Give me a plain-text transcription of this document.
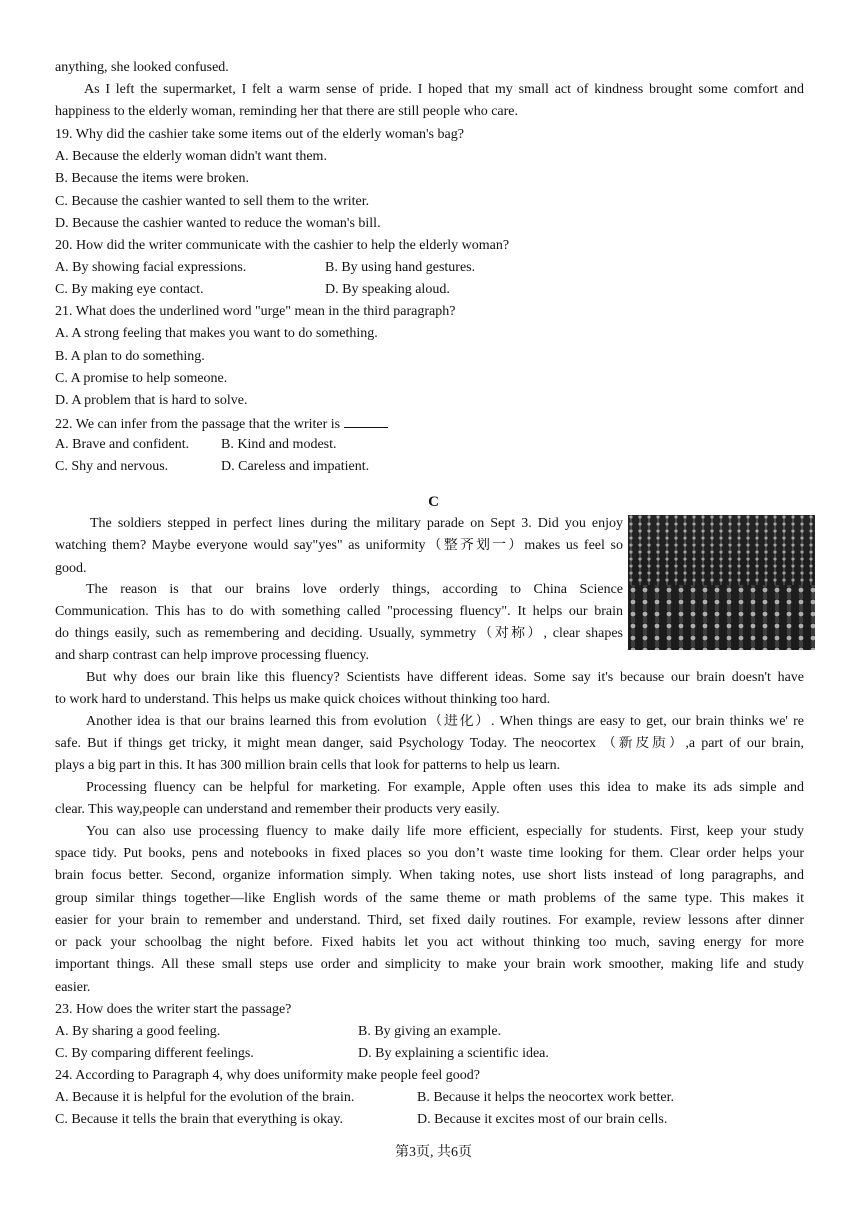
anything, she looked confused.
As I left the supermarket, I felt a warm sense of pride. I hoped that my small act of kindness brought some comfort and
happiness to the elderly woman, reminding her that there are still people who care.
19. Why did the cashier take some items out of the elderly woman's bag?
A. Because the elderly woman didn't want them.
B. Because the items were broken.
C. Because the cashier wanted to sell them to the writer.
D. Because the cashier wanted to reduce the woman's bill.
20. How did the writer communicate with the cashier to help the elderly woman?
A. By showing facial expressions.	B. By using hand gestures.
C. By making eye contact.	D. By speaking aloud.
21. What does the underlined word "urge" mean in the third paragraph?
A. A strong feeling that makes you want to do something.
B. A plan to do something.
C. A promise to help someone.
D. A problem that is hard to solve.
22. We can infer from the passage that the writer is
A. Brave and confident. B. Kind and modest.
C. Shy and nervous.	D. Careless and impatient.
C
The soldiers stepped in perfect lines during the military parade on Sept 3. Did you enjoy
watching them? Maybe everyone would say"yes" as uniformity（整齐划一）makes us feel so
good.
The reason is that our brains love orderly things, according to China Science
Communication. This has to do with something called "processing fluency". It helps our brain
do things easily, such as remembering and deciding. Usually, symmetry（对称）, clear shapes
and sharp contrast can help improve processing fluency.
But why does our brain like this fluency? Scientists have different ideas. Some say it's because our brain doesn't have
to work hard to understand. This helps us make quick choices without thinking too hard.
Another idea is that our brains learned this from evolution（进化）. When things are easy to get, our brain thinks we' re
safe. But if things get tricky, it might mean danger, said Psychology Today. The neocortex （新皮质）,a part of our brain,
plays a big part in this. It has 300 million brain cells that look for patterns to help us learn.
Processing fluency can be helpful for marketing. For example, Apple often uses this idea to make its ads simple and
clear. This way,people can understand and remember their products very easily.
You can also use processing fluency to make daily life more efficient, especially for students. First, keep your study
space tidy. Put books, pens and notebooks in fixed places so you don’t waste time looking for them. Clear order helps your
brain focus better. Second, organize information simply. When taking notes, use short lists instead of long paragraphs, and
group similar things together—like English words of the same theme or math problems of the same type. This makes it
easier for your brain to remember and understand. Third, set fixed daily routines. For example, review lessons after dinner
or pack your schoolbag the night before. Fixed habits let you act without thinking too much, saving energy for more
important things. All these small steps use order and simplicity to make your brain work smoother, making life and study
easier.
23. How does the writer start the passage?
A. By sharing a good feeling.	B. By giving an example.
C. By comparing different feelings.	D. By explaining a scientific idea.
24. According to Paragraph 4, why does uniformity make people feel good?
A. Because it is helpful for the evolution of the brain.	B. Because it helps the neocortex work better.
C. Because it tells the brain that everything is okay.	D. Because it excites most of our brain cells.
第3页, 共6页
